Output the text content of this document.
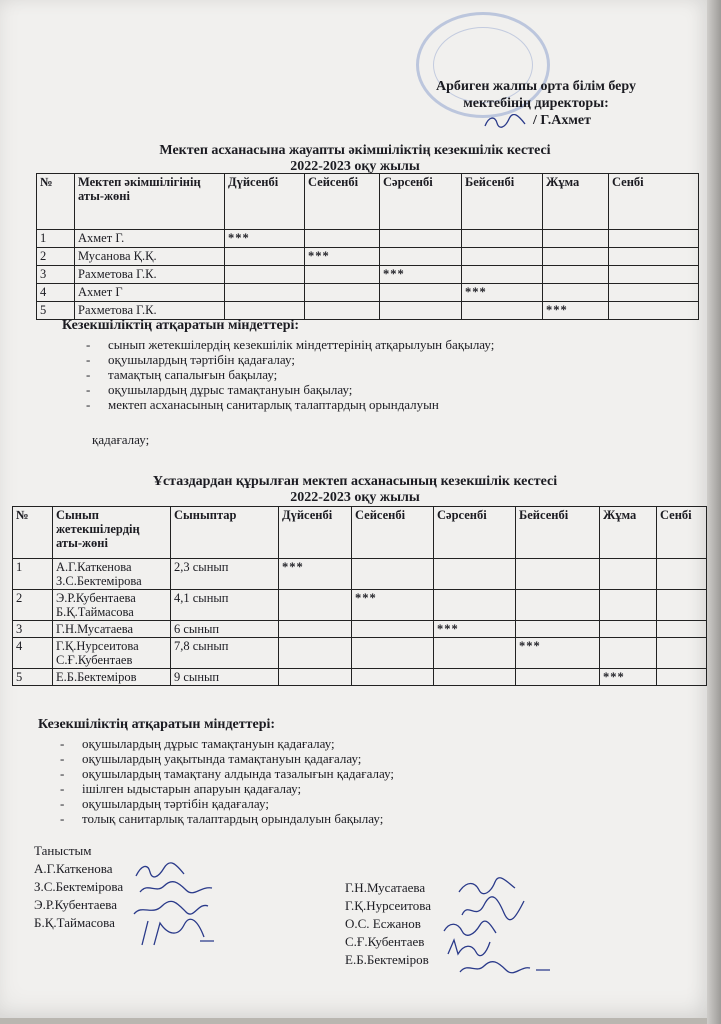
Арбиген жалпы орта білім беру
мектебінің директоры:
/ Г.Ахмет
Мектеп асханасына жауапты әкімшіліктің кезекшілік кестесі
2022-2023 оқу жылы
№	Мектеп әкімшілігінің аты-жөні	Дүйсенбі	Сейсенбі	Сәрсенбі	Бейсенбі	Жұма	Сенбі
1	Ахмет Г.	***					
2	Мусанова Қ.Қ.		***				
3	Рахметова Г.К.			***			
4	Ахмет Г				***		
5	Рахметова Г.К.					***	
Кезекшіліктің атқаратын міндеттері:
- сынып жетекшілердің кезекшілік міндеттерінің атқарылуын бақылау;
- оқушылардың тәртібін қадағалау;
- тамақтың сапалығын бақылау;
- оқушылардың дұрыс тамақтануын бақылау;
- мектеп асханасының санитарлық талаптардың орындалуын
қадағалау;
Ұстаздардан құрылған мектеп асханасының кезекшілік кестесі
2022-2023 оқу жылы
№	Сынып жетекшілердің аты-жөні	Сыныптар	Дүйсенбі	Сейсенбі	Сәрсенбі	Бейсенбі	Жұма	Сенбі
1	А.Г.Каткенова
З.С.Бектемірова	2,3 сынып	***					
2	Э.Р.Кубентаева
Б.Қ.Таймасова	4,1 сынып		***				
3	Г.Н.Мусатаева	6 сынып			***			
4	Г.Қ.Нурсеитова
С.Ғ.Кубентаев	7,8 сынып				***		
5	Е.Б.Бектеміров	9 сынып					***	
Кезекшіліктің атқаратын міндеттері:
- оқушылардың дұрыс тамақтануын қадағалау;
- оқушылардың уақытында тамақтануын қадағалау;
- оқушылардың тамақтану алдында тазалығын қадағалау;
- ішілген ыдыстарын апаруын қадағалау;
- оқушылардың тәртібін қадағалау;
- толық санитарлық талаптардың орындалуын бақылау;
Таныстым
А.Г.Каткенова
З.С.Бектемірова
Э.Р.Кубентаева
Б.Қ.Таймасова
Г.Н.Мусатаева
Г.Қ.Нурсеитова
О.С. Есжанов
С.Ғ.Кубентаев
Е.Б.Бектеміров
